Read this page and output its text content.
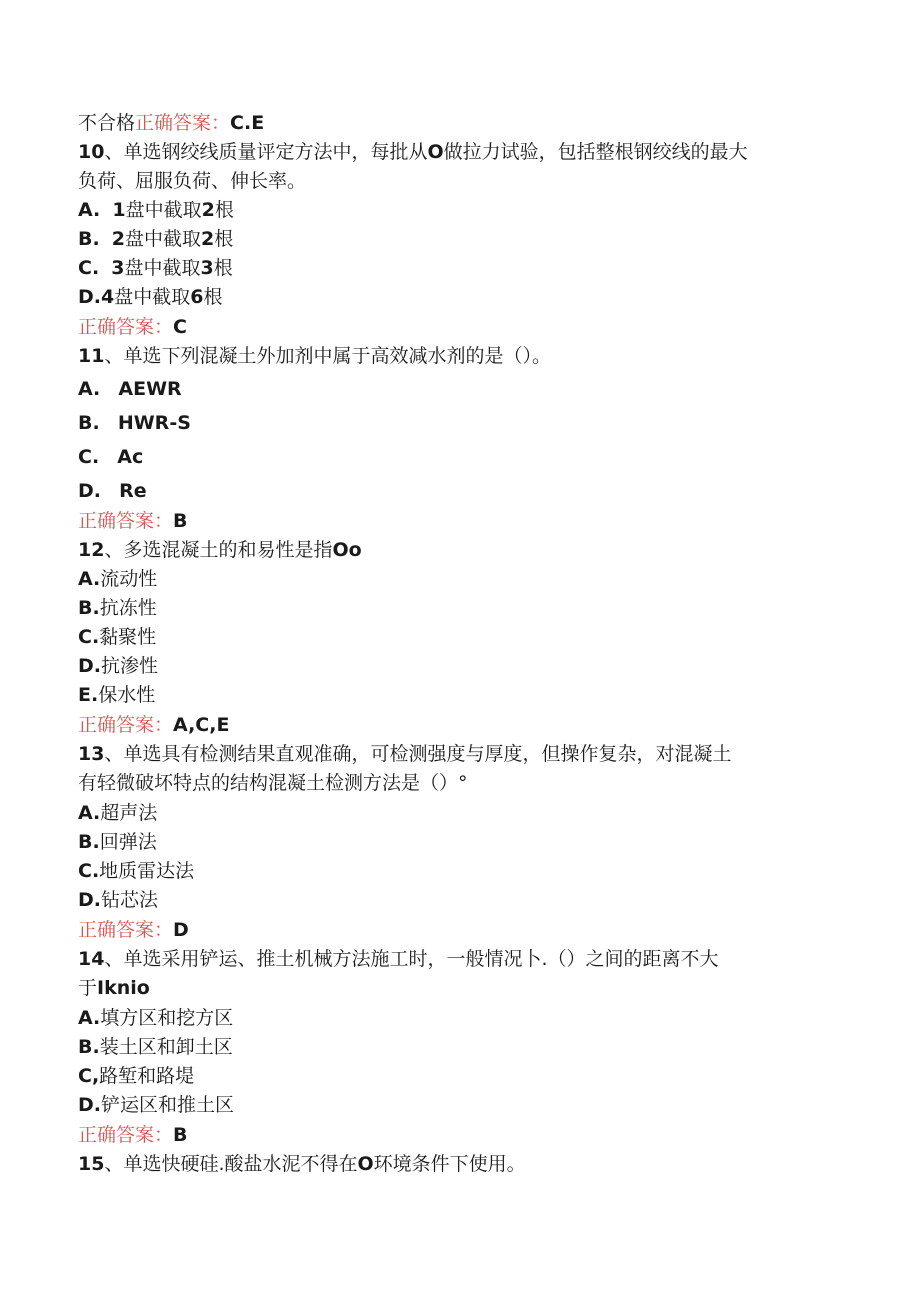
不合格正确答案：C.E
10、单选钢绞线质量评定方法中，每批从O做拉力试验，包括整根钢绞线的最大
负荷、屈服负荷、伸长率。
A. 1盘中截取2根
B. 2盘中截取2根
C. 3盘中截取3根
D.4盘中截取6根
正确答案：C
11、单选下列混凝土外加剂中属于高效减水剂的是（）。
A. AEWR
B. HWR-S
C. Ac
D. Re
正确答案：B
12、多选混凝土的和易性是指Oo
A.流动性
B.抗冻性
C.黏聚性
D.抗渗性
E.保水性
正确答案：A,C,E
13、单选具有检测结果直观准确，可检测强度与厚度，但操作复杂，对混凝土
有轻微破坏特点的结构混凝土检测方法是（）°
A.超声法
B.回弹法
C.地质雷达法
D.钻芯法
正确答案：D
14、单选采用铲运、推土机械方法施工时，一般情况卜.（）之间的距离不大
于Iknio
A.填方区和挖方区
B.装土区和卸土区
C,路堑和路堤
D.铲运区和推土区
正确答案：B
15、单选快硬硅.酸盐水泥不得在O环境条件下使用。
